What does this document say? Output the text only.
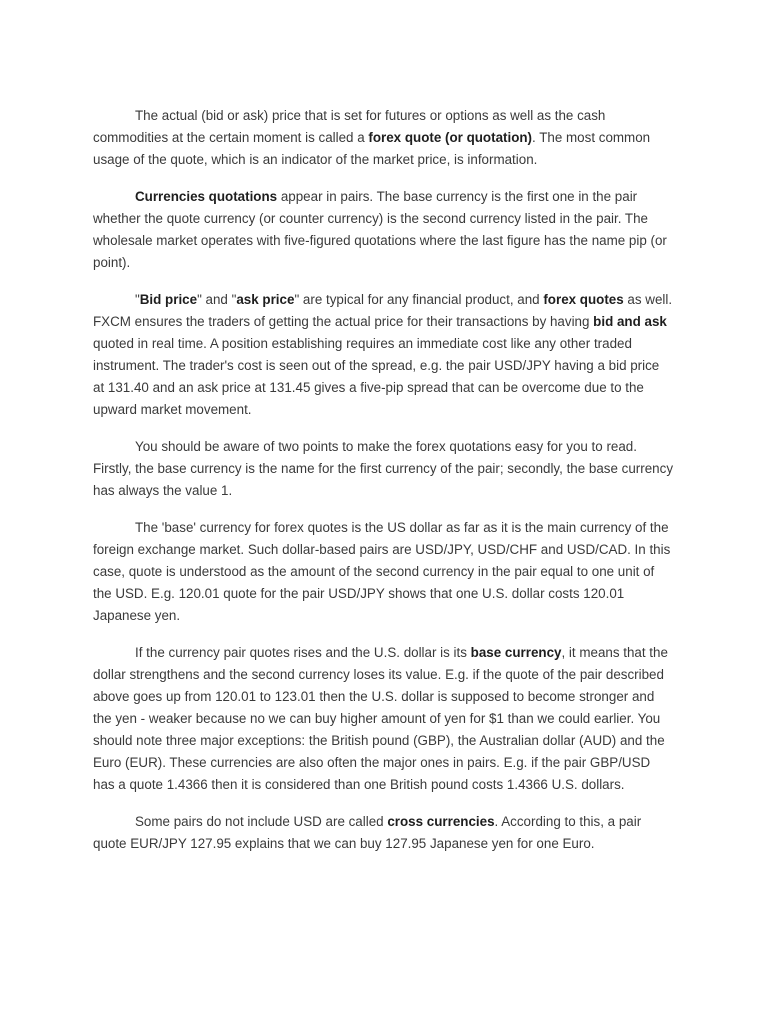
The actual (bid or ask) price that is set for futures or options as well as the cash commodities at the certain moment is called a forex quote (or quotation). The most common usage of the quote, which is an indicator of the market price, is information.

Currencies quotations appear in pairs. The base currency is the first one in the pair whether the quote currency (or counter currency) is the second currency listed in the pair. The wholesale market operates with five-figured quotations where the last figure has the name pip (or point).

"Bid price" and "ask price" are typical for any financial product, and forex quotes as well. FXCM ensures the traders of getting the actual price for their transactions by having bid and ask quoted in real time. A position establishing requires an immediate cost like any other traded instrument. The trader's cost is seen out of the spread, e.g. the pair USD/JPY having a bid price at 131.40 and an ask price at 131.45 gives a five-pip spread that can be overcome due to the upward market movement.

You should be aware of two points to make the forex quotations easy for you to read. Firstly, the base currency is the name for the first currency of the pair; secondly, the base currency has always the value 1.

The 'base' currency for forex quotes is the US dollar as far as it is the main currency of the foreign exchange market. Such dollar-based pairs are USD/JPY, USD/CHF and USD/CAD. In this case, quote is understood as the amount of the second currency in the pair equal to one unit of the USD. E.g. 120.01 quote for the pair USD/JPY shows that one U.S. dollar costs 120.01 Japanese yen.

If the currency pair quotes rises and the U.S. dollar is its base currency, it means that the dollar strengthens and the second currency loses its value. E.g. if the quote of the pair described above goes up from 120.01 to 123.01 then the U.S. dollar is supposed to become stronger and the yen - weaker because no we can buy higher amount of yen for $1 than we could earlier. You should note three major exceptions: the British pound (GBP), the Australian dollar (AUD) and the Euro (EUR). These currencies are also often the major ones in pairs. E.g. if the pair GBP/USD has a quote 1.4366 then it is considered than one British pound costs 1.4366 U.S. dollars.

Some pairs do not include USD are called cross currencies. According to this, a pair quote EUR/JPY 127.95 explains that we can buy 127.95 Japanese yen for one Euro.
